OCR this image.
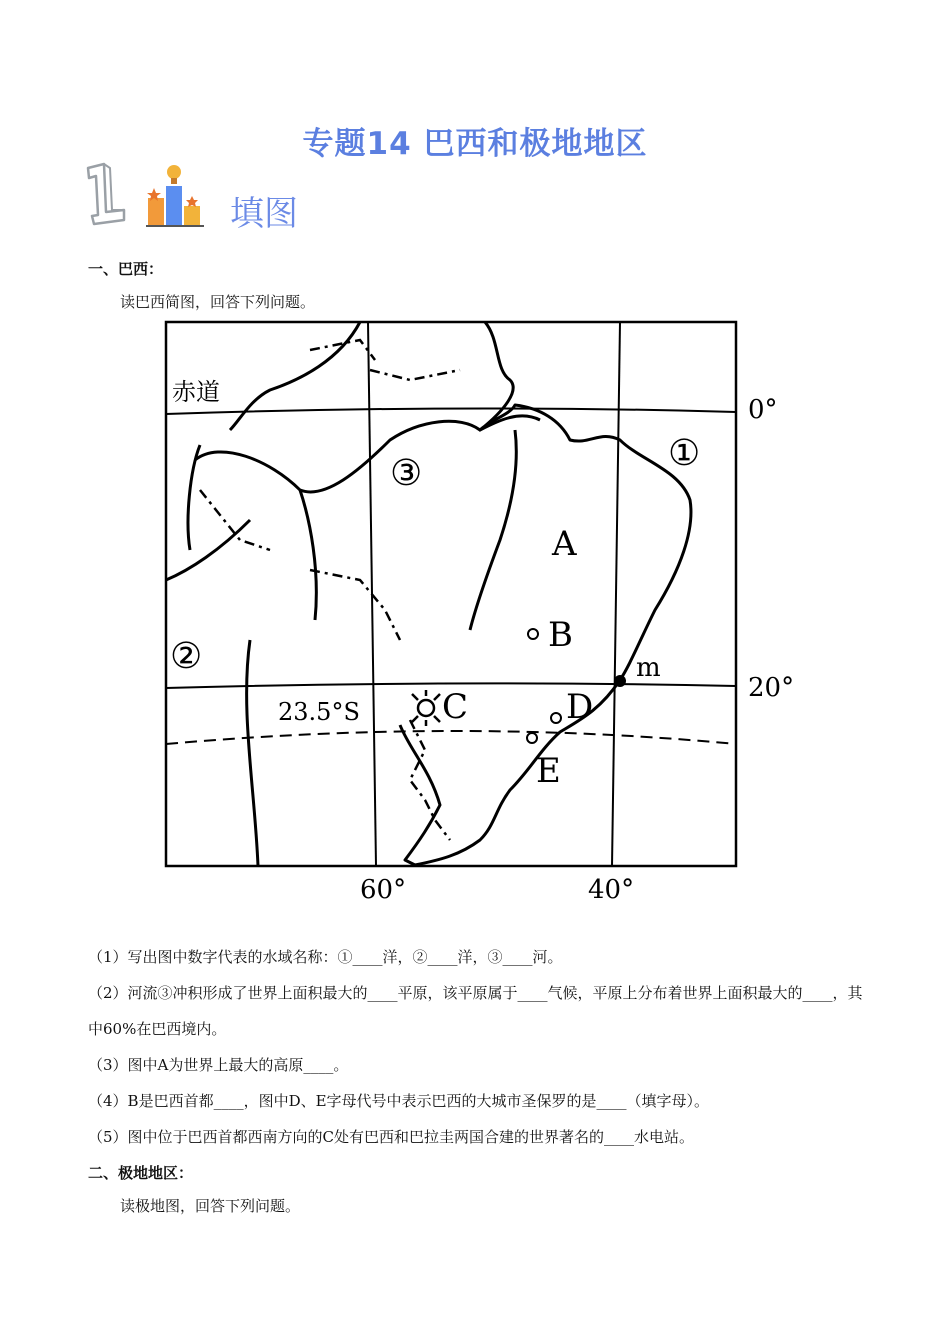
专题14 巴西和极地地区
填图
一、巴西：
读巴西简图，回答下列问题。
赤道
0°
20°
23.5°S
60°	40°
①
②
③
A
B
C	D
E
m
（1）写出图中数字代表的水域名称：①____洋，②____洋，③____河。
（2）河流③冲积形成了世界上面积最大的____平原，该平原属于____气候，平原上分布着世界上面积最大的____，其中60%在巴西境内。
（3）图中A为世界上最大的高原____。
（4）B是巴西首都____，图中D、E字母代号中表示巴西的大城市圣保罗的是____（填字母）。
（5）图中位于巴西首都西南方向的C处有巴西和巴拉圭两国合建的世界著名的____水电站。
二、极地地区：
读极地图，回答下列问题。
